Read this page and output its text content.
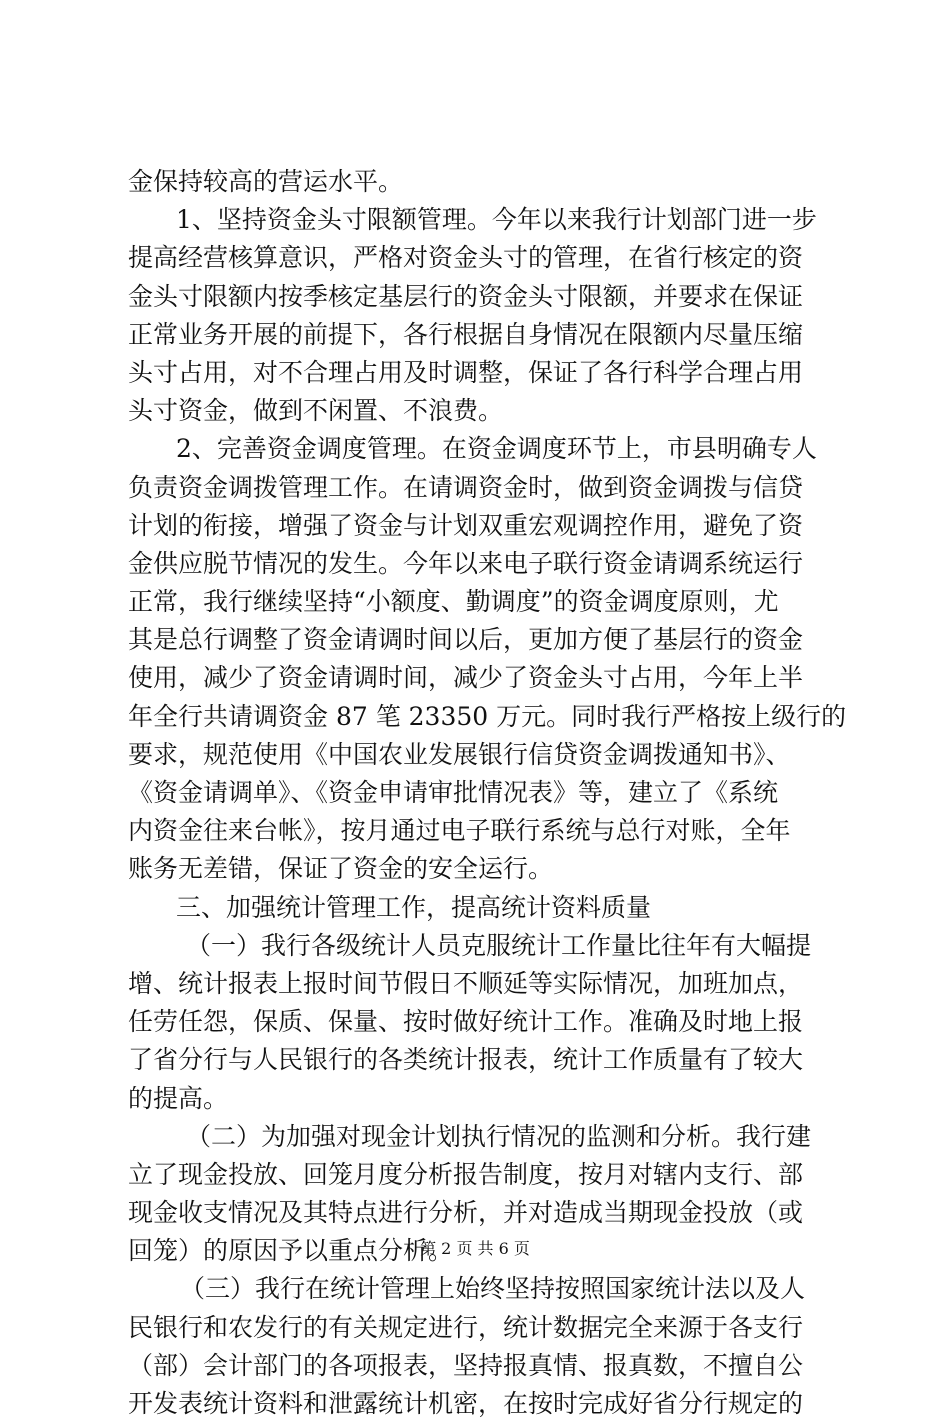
金保持较高的营运水平。
1、坚持资金头寸限额管理。今年以来我行计划部门进一步
提高经营核算意识，严格对资金头寸的管理，在省行核定的资
金头寸限额内按季核定基层行的资金头寸限额，并要求在保证
正常业务开展的前提下，各行根据自身情况在限额内尽量压缩
头寸占用，对不合理占用及时调整，保证了各行科学合理占用
头寸资金，做到不闲置、不浪费。
2、完善资金调度管理。在资金调度环节上，市县明确专人
负责资金调拨管理工作。在请调资金时，做到资金调拨与信贷
计划的衔接，增强了资金与计划双重宏观调控作用，避免了资
金供应脱节情况的发生。今年以来电子联行资金请调系统运行
正常，我行继续坚持“小额度、勤调度”的资金调度原则，尤
其是总行调整了资金请调时间以后，更加方便了基层行的资金
使用，减少了资金请调时间，减少了资金头寸占用，今年上半
年全行共请调资金 87 笔 23350 万元。同时我行严格按上级行的
要求，规范使用《中国农业发展银行信贷资金调拨通知书》、
《资金请调单》、《资金申请审批情况表》等，建立了《系统
内资金往来台帐》，按月通过电子联行系统与总行对账，全年
账务无差错，保证了资金的安全运行。
三、加强统计管理工作，提高统计资料质量
（一）我行各级统计人员克服统计工作量比往年有大幅提
增、统计报表上报时间节假日不顺延等实际情况，加班加点，
任劳任怨，保质、保量、按时做好统计工作。准确及时地上报
了省分行与人民银行的各类统计报表，统计工作质量有了较大
的提高。
（二）为加强对现金计划执行情况的监测和分析。我行建
立了现金投放、回笼月度分析报告制度，按月对辖内支行、部
现金收支情况及其特点进行分析，并对造成当期现金投放（或
回笼）的原因予以重点分析。
（三）我行在统计管理上始终坚持按照国家统计法以及人
民银行和农发行的有关规定进行，统计数据完全来源于各支行
（部）会计部门的各项报表，坚持报真情、报真数，不擅自公
开发表统计资料和泄露统计机密，在按时完成好省分行规定的
第 2 页 共 6 页
